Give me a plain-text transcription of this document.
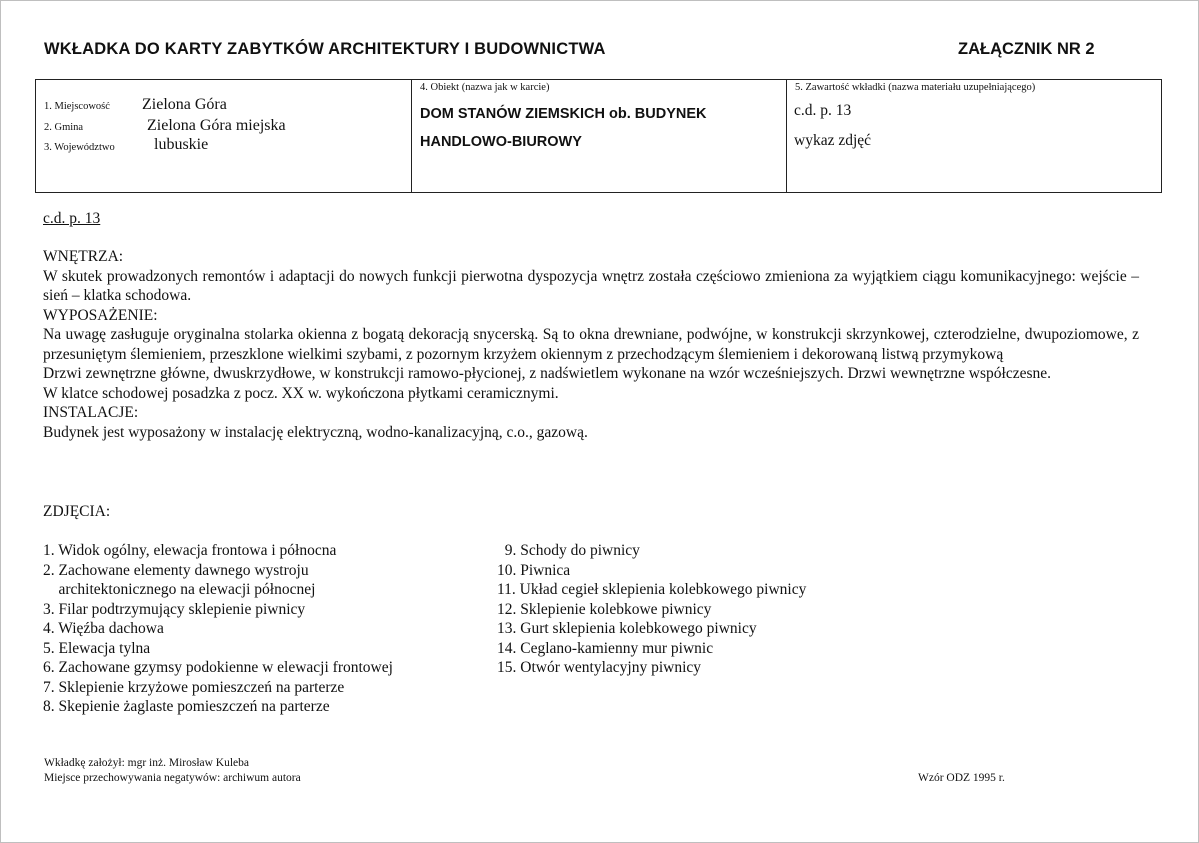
WKŁADKA DO KARTY ZABYTKÓW ARCHITEKTURY I BUDOWNICTWA	ZAŁĄCZNIK NR 2
1. Miejscowość Zielona Góra
2. Gmina	Zielona Góra miejska
3. Województwo lubuskie
4. Obiekt (nazwa jak w karcie)
DOM STANÓW ZIEMSKICH ob. BUDYNEK
HANDLOWO-BIUROWY
5. Zawartość wkładki (nazwa materiału uzupełniającego)
c.d. p. 13
wykaz zdjęć
c.d. p. 13
WNĘTRZA:
W skutek prowadzonych remontów i adaptacji do nowych funkcji pierwotna dyspozycja wnętrz została częściowo zmieniona za wyjątkiem ciągu komunikacyjnego: wejście – sień – klatka schodowa.
WYPOSAŻENIE:
Na uwagę zasługuje oryginalna stolarka okienna z bogatą dekoracją snycerską. Są to okna drewniane, podwójne, w konstrukcji skrzynkowej, czterodzielne, dwupoziomowe, z przesuniętym ślemieniem, przeszklone wielkimi szybami, z pozornym krzyżem okiennym z przechodzącym ślemieniem i dekorowaną listwą przymykową
Drzwi zewnętrzne główne, dwuskrzydłowe, w konstrukcji ramowo-płycionej, z nadświetlem wykonane na wzór wcześniejszych. Drzwi wewnętrzne współczesne.
W klatce schodowej posadzka z pocz. XX w. wykończona płytkami ceramicznymi.
INSTALACJE:
Budynek jest wyposażony w instalację elektryczną, wodno-kanalizacyjną, c.o., gazową.
ZDJĘCIA:
1. Widok ogólny, elewacja frontowa i północna
2. Zachowane elementy dawnego wystroju
architektonicznego na elewacji północnej
3. Filar podtrzymujący sklepienie piwnicy
4. Więźba dachowa
5. Elewacja tylna
6. Zachowane gzymsy podokienne w elewacji frontowej
7. Sklepienie krzyżowe pomieszczeń na parterze
8. Skepienie żaglaste pomieszczeń na parterze
9. Schody do piwnicy
10. Piwnica
11. Układ cegieł sklepienia kolebkowego piwnicy
12. Sklepienie kolebkowe piwnicy
13. Gurt sklepienia kolebkowego piwnicy
14. Ceglano-kamienny mur piwnic
15. Otwór wentylacyjny piwnicy
Wkładkę założył: mgr inż. Mirosław Kuleba
Miejsce przechowywania negatywów: archiwum autora	Wzór ODZ 1995 r.
